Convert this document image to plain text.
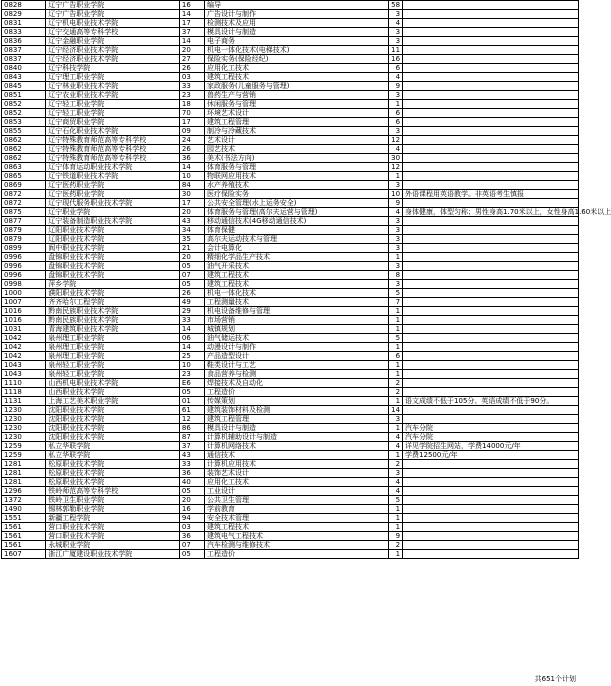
0828	辽宁广告职业学院	16	编导	58	
0829	辽宁广告职业学院	14	广告设计与制作	3	
0831	辽宁机电职业技术学院	17	检测技术及应用	4	
0833	辽宁交通高等专科学校	37	模具设计与制造	3	
0836	辽宁金融职业学院	14	电子商务	3	
0837	辽宁经济职业技术学院	20	机电一体化技术(电梯技术)	11	
0837	辽宁经济职业技术学院	27	保险实务(保险经纪)	16	
0840	辽宁科技学院	26	应用化工技术	6	
0843	辽宁理工职业学院	03	建筑工程技术	4	
0845	辽宁林业职业技术学院	33	家政服务(儿童服务与管理)	9	
0851	辽宁农业职业技术学院	23	兽药生产与营销	3	
0852	辽宁轻工职业学院	18	休闲服务与管理	1	
0852	辽宁轻工职业学院	70	环境艺术设计	6	
0853	辽宁商贸职业学院	17	建筑工程管理	6	
0855	辽宁石化职业技术学院	09	制冷与冷藏技术	3	
0862	辽宁特殊教育师范高等专科学校	24	艺术设计	12	
0862	辽宁特殊教育师范高等专科学校	26	园艺技术	4	
0862	辽宁特殊教育师范高等专科学校	36	美术(书法方向)	30	
0863	辽宁体育运动职业技术学院	14	体育服务与管理	12	
0865	辽宁铁道职业技术学院	10	物联网应用技术	1	
0869	辽宁医药职业学院	84	水产养殖技术	3	
0872	辽宁医药职业学院	30	医疗保险实务	10	外语课程用英语教学。非英语考生慎报
0872	辽宁现代服务职业技术学院	17	公共安全管理(水上运务安全)	9	
0875	辽宁职业学院	20	体育服务与管理(高尔夫运营与管理)	4	身体健康，体型匀称；男性身高1.70米以上，女性身高1.60米以上
0877	辽宁装备制造职业技术学院	43	移动通信技术(4G移动通信技术)	3	
0879	辽阳职业技术学院	34	体育保健	3	
0879	辽阳职业技术学院	35	高尔夫运动技术与管理	3	
0899	阆中职业技术学院	21	会计电算化	3	
0996	盘锦职业技术学院	20	精细化学品生产技术	1	
0996	盘锦职业技术学院	05	油气开采技术	3	
0996	盘锦职业技术学院	07	建筑工程技术	8	
0998	萍乡学院	05	建筑工程技术	3	
1000	濮阳职业技术学院	26	机电一体化技术	5	
1007	齐齐哈尔工程学院	49	工程测量技术	7	
1016	黔南民族职业技术学院	29	机电设备维修与管理	1	
1016	黔南民族职业技术学院	33	市场营销	1	
1031	青海建筑职业技术学院	14	城镇规划	1	
1042	泉州理工职业学院	06	油气储运技术	5	
1042	泉州理工职业学院	14	动漫设计与制作	1	
1042	泉州理工职业学院	25	产品造型设计	6	
1043	泉州轻工职业学院	10	鞋类设计与工艺	1	
1043	泉州轻工职业学院	23	食品营养与检测	1	
1110	山西机电职业技术学院	E6	焊接技术及自动化	2	
1118	山西职业技术学院	05	工程造价	2	
1131	上海工艺美术职业学院	01	传媒策划	1	语文成绩不低于105分、英语成绩不低于90分。
1230	沈阳职业技术学院	61	建筑装饰材料及检测	14	
1230	沈阳职业技术学院	12	建筑工程管理	3	
1230	沈阳职业技术学院	86	模具设计与制造	1	汽车分院
1230	沈阳职业技术学院	87	计算机辅助设计与制造	4	汽车分院
1259	私立华联学院	37	计算机网络技术	4	详见学院招生网站，学费14000元/年
1259	私立华联学院	43	通信技术	1	学费12500元/年
1281	松原职业技术学院	33	计算机应用技术	2	
1281	松原职业技术学院	36	装饰艺术设计	3	
1281	松原职业技术学院	40	应用化工技术	4	
1296	铁岭师范高等专科学校	05	工业设计	4	
1372	铁岭卫生职业学院	20	公共卫生管理	5	
1490	锡林郭勒职业学院	16	学前教育	1	
1551	新疆工程学院	94	安全技术管理	1	
1561	营口职业技术学院	03	建筑工程技术	1	
1561	营口职业技术学院	36	建筑电气工程技术	9	
1561	永城职业学院	07	汽车检测与维修技术	2	
1607	浙江广厦建设职业技术学院	05	工程造价	1	
共651个计划
